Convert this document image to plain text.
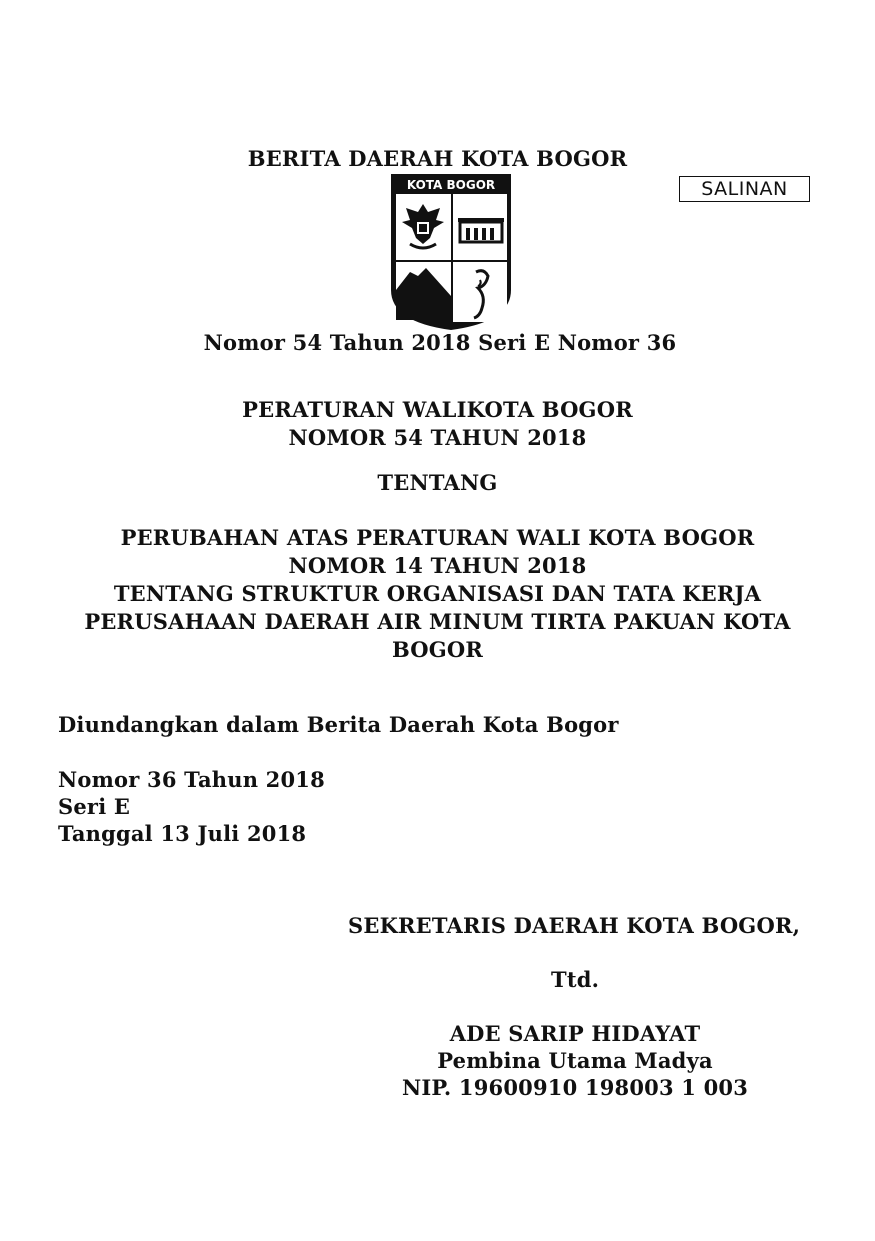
BERITA DAERAH KOTA BOGOR
SALINAN
KOTA BOGOR
Nomor 54 Tahun 2018 Seri E Nomor 36
PERATURAN WALIKOTA BOGOR
NOMOR 54 TAHUN 2018
TENTANG
PERUBAHAN ATAS PERATURAN WALI KOTA BOGOR
NOMOR 14 TAHUN 2018
TENTANG STRUKTUR ORGANISASI DAN TATA KERJA
PERUSAHAAN DAERAH AIR MINUM TIRTA PAKUAN KOTA
BOGOR
Diundangkan dalam Berita Daerah Kota Bogor
Nomor 36 Tahun 2018
Seri E
Tanggal 13 Juli 2018
SEKRETARIS DAERAH KOTA BOGOR,
Ttd.
ADE SARIP HIDAYAT
Pembina Utama Madya
NIP. 19600910 198003 1 003
